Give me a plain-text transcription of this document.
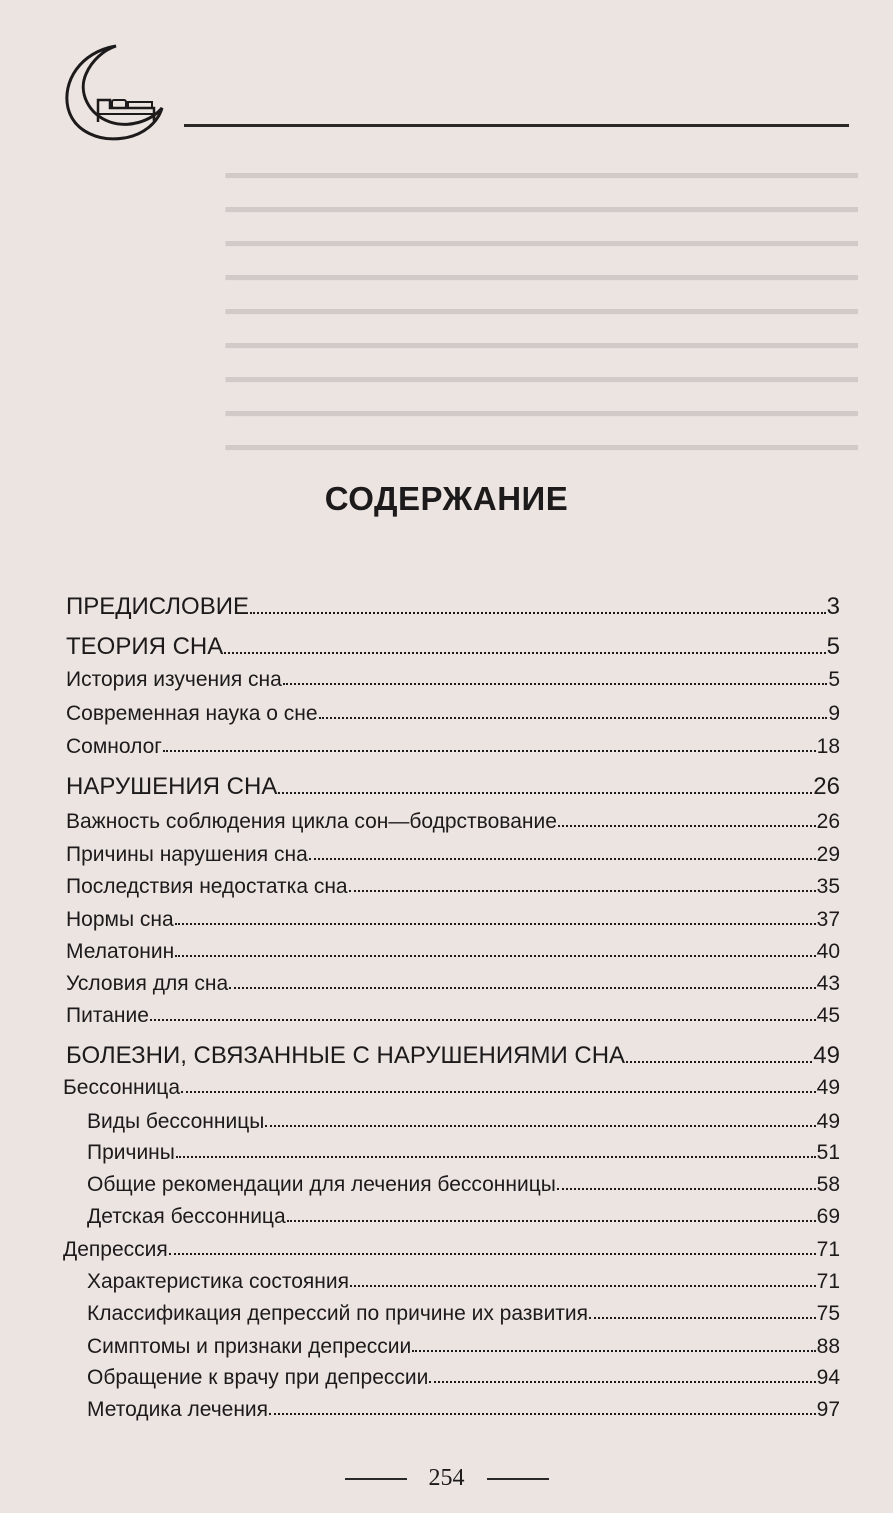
━━━━━━━━━━━━━━━━━━━━━━━━━━━━━━━━━━━
━━━━━━━━━━━━━━━━━━━━━━━━━━━━━━━━━━━
━━━━━━━━━━━━━━━━━━━━━━━━━━━━━━━━━━━
━━━━━━━━━━━━━━━━━━━━━━━━━━━━━━━━━━━
━━━━━━━━━━━━━━━━━━━━━━━━━━━━━━━━━━━
━━━━━━━━━━━━━━━━━━━━━━━━━━━━━━━━━━━
━━━━━━━━━━━━━━━━━━━━━━━━━━━━━━━━━━━
━━━━━━━━━━━━━━━━━━━━━━━━━━━━━━━━━━━
━━━━━━━━━━━━━━━━━━━━━━━━━━━━━━━━━━━
СОДЕРЖАНИЕ
ПРЕДИСЛОВИЕ	3
ТЕОРИЯ СНА	5
История изучения сна	5
Современная наука о сне	9
Сомнолог	18
НАРУШЕНИЯ СНА	26
Важность соблюдения цикла сон—бодрствование	26
Причины нарушения сна	29
Последствия недостатка сна	35
Нормы сна	37
Мелатонин	40
Условия для сна	43
Питание	45
БОЛЕЗНИ, СВЯЗАННЫЕ С НАРУШЕНИЯМИ СНА	49
Бессонница	49
Виды бессонницы	49
Причины	51
Общие рекомендации для лечения бессонницы	58
Детская бессонница	69
Депрессия	71
Характеристика состояния	71
Классификация депрессий по причине их развития	75
Симптомы и признаки депрессии	88
Обращение к врачу при депрессии	94
Методика лечения	97
254
